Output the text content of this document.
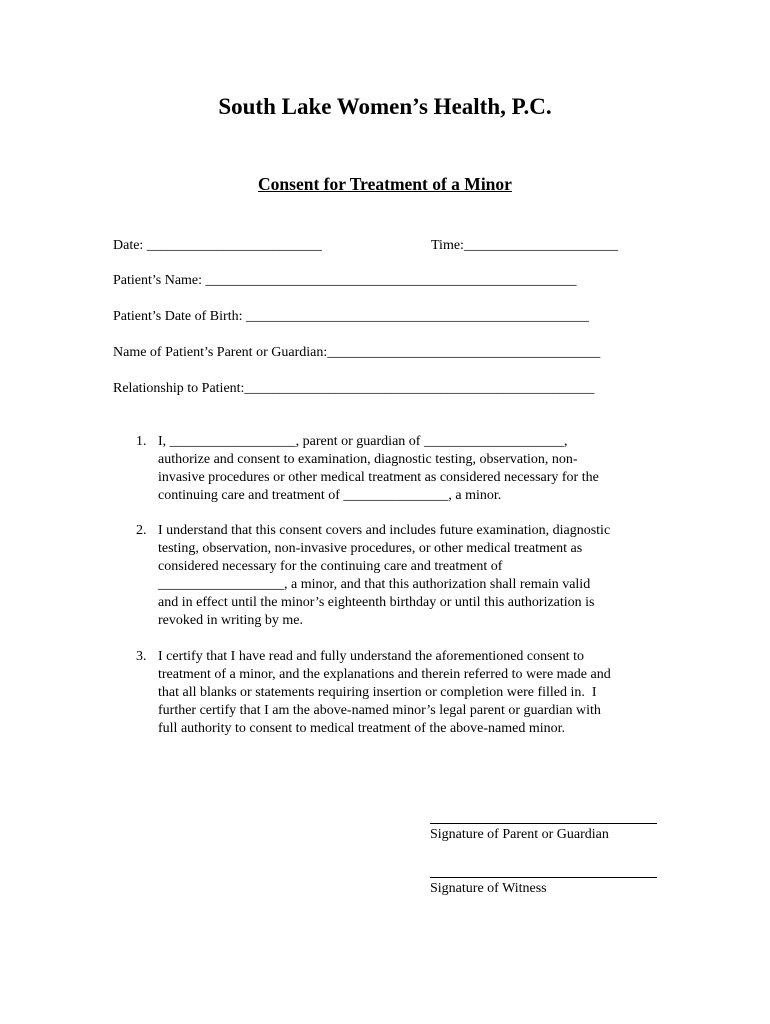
South Lake Women’s Health, P.C.
Consent for Treatment of a Minor
Date: _________________________	Time:______________________
Patient’s Name: _____________________________________________________
Patient’s Date of Birth: _________________________________________________
Name of Patient’s Parent or Guardian:_______________________________________
Relationship to Patient:__________________________________________________
1. I, __________________, parent or guardian of ____________________,
authorize and consent to examination, diagnostic testing, observation, non-
invasive procedures or other medical treatment as considered necessary for the
continuing care and treatment of _______________, a minor.
2. I understand that this consent covers and includes future examination, diagnostic
testing, observation, non-invasive procedures, or other medical treatment as
considered necessary for the continuing care and treatment of
__________________, a minor, and that this authorization shall remain valid
and in effect until the minor’s eighteenth birthday or until this authorization is
revoked in writing by me.
3. I certify that I have read and fully understand the aforementioned consent to
treatment of a minor, and the explanations and therein referred to were made and
that all blanks or statements requiring insertion or completion were filled in.  I
further certify that I am the above-named minor’s legal parent or guardian with
full authority to consent to medical treatment of the above-named minor.
Signature of Parent or Guardian
Signature of Witness
